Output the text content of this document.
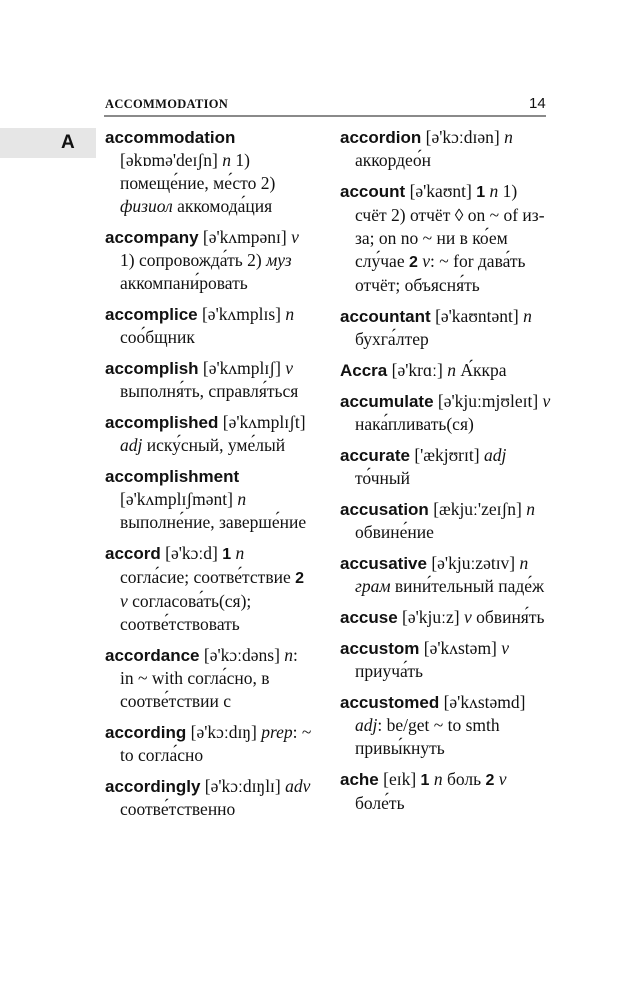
ACCOMMODATION	14
A accommodation [əkɒmə'deɪʃn] n 1) помеще́ние, ме́сто 2) физиол аккомода́ция

accompany [ə'kʌmpənɪ] v 1) сопровожда́ть 2) муз аккомпани́ровать

accomplice [ə'kʌmplɪs] n соо́бщник

accomplish [ə'kʌmplɪʃ] v выполня́ть, справля́ться

accomplished [ə'kʌmplɪʃt] adj иску́сный, уме́лый

accomplishment [ə'kʌmplɪʃmənt] n выполне́ние, заверше́ние

accord [ə'kɔːd] 1 n согла́сие; соотве́тствие 2 v согласова́ть(ся); соотве́тствовать

accordance [ə'kɔːdəns] n: in ~ with согла́сно, в соотве́тствии с

according [ə'kɔːdɪŋ] prep: ~ to согла́сно

accordingly [ə'kɔːdɪŋlɪ] adv соотве́тственно

accordion [ə'kɔːdɪən] n аккордео́н

account [ə'kaʊnt] 1 n 1) счёт 2) отчёт ◊ on ~ of из-за; on no ~ ни в ко́ем слу́чае 2 v: ~ for дава́ть отчёт; объясня́ть

accountant [ə'kaʊntənt] n бухга́лтер

Accra [ə'krɑː] n А́ккра

accumulate [ə'kjuːmjʊleɪt] v нака́пливать(ся)

accurate ['ækjʊrɪt] adj то́чный

accusation [ækjuː'zeɪʃn] n обвине́ние

accusative [ə'kjuːzətɪv] n грам вини́тельный паде́ж

accuse [ə'kjuːz] v обвиня́ть

accustom [ə'kʌstəm] v приуча́ть

accustomed [ə'kʌstəmd] adj: be/get ~ to smth привы́кнуть

ache [eɪk] 1 n боль 2 v боле́ть
